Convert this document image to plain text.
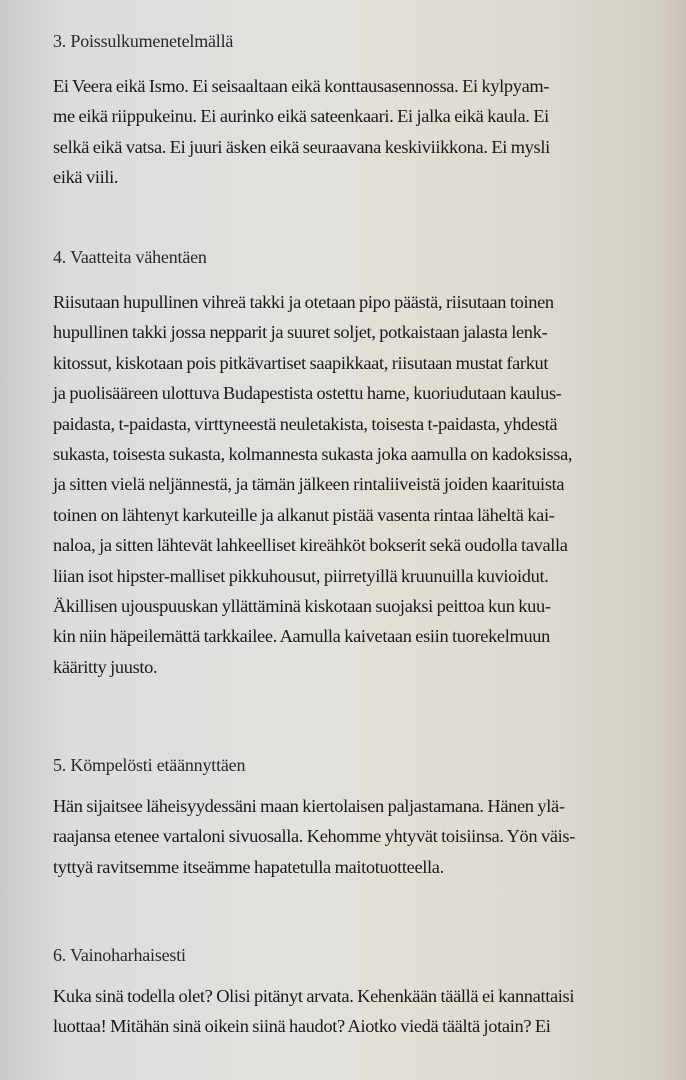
3. Poissulkumenetelmällä
Ei Veera eikä Ismo. Ei seisaaltaan eikä konttausasennossa. Ei kylpyam-
me eikä riippukeinu. Ei aurinko eikä sateenkaari. Ei jalka eikä kaula. Ei
selkä eikä vatsa. Ei juuri äsken eikä seuraavana keskiviikkona. Ei mysli
eikä viili.
4. Vaatteita vähentäen
Riisutaan hupullinen vihreä takki ja otetaan pipo päästä, riisutaan toinen
hupullinen takki jossa nepparit ja suuret soljet, potkaistaan jalasta lenk-
kitossut, kiskotaan pois pitkävartiset saapikkaat, riisutaan mustat farkut
ja puolisääreen ulottuva Budapestista ostettu hame, kuoriudutaan kaulus-
paidasta, t-paidasta, virttyneestä neuletakista, toisesta t-paidasta, yhdestä
sukasta, toisesta sukasta, kolmannesta sukasta joka aamulla on kadoksissa,
ja sitten vielä neljännestä, ja tämän jälkeen rintaliiveistä joiden kaarituista
toinen on lähtenyt karkuteille ja alkanut pistää vasenta rintaa läheltä kai-
naloa, ja sitten lähtevät lahkeelliset kireähköt bokserit sekä oudolla tavalla
liian isot hipster-malliset pikkuhousut, piirretyillä kruunuilla kuvioidut.
Äkillisen ujouspuuskan yllättäminä kiskotaan suojaksi peittoa kun kuu-
kin niin häpeilemättä tarkkailee. Aamulla kaivetaan esiin tuorekelmuun
kääritty juusto.
5. Kömpelösti etäännyttäen
Hän sijaitsee läheisyydessäni maan kiertolaisen paljastamana. Hänen ylä-
raajansa etenee vartaloni sivuosalla. Kehomme yhtyvät toisiinsa. Yön väis-
tyttyä ravitsemme itseämme hapatetulla maitotuotteella.
6. Vainoharhaisesti
Kuka sinä todella olet? Olisi pitänyt arvata. Kehenkään täällä ei kannattaisi
luottaa! Mitähän sinä oikein siinä haudot? Aiotko viedä täältä jotain? Ei
